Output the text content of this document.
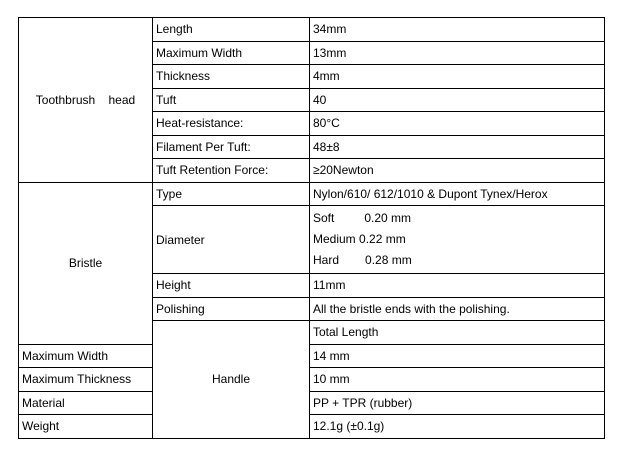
Toothbrush    head	Length	34mm	
	Maximum Width	13mm	
	Thickness	4mm	
	Tuft	40	
	Heat-resistance:	80°C	
	Filament Per Tuft:	48±8	
	Tuft Retention Force:	≥20Newton	
Bristle	Type	Nylon/610/ 612/1010 & Dupont Tynex/Herox	
	Diameter	Soft 0.20 mm
Medium 0.22 mm
Hard 0.28 mm	

	Height	11mm	
	Polishing	All the bristle ends with the polishing.	
	Handle	Total Length	
Maximum Width		14 mm	
Maximum Thickness		10 mm	
Material		PP + TPR (rubber)	
Weight		12.1g (±0.1g)	
